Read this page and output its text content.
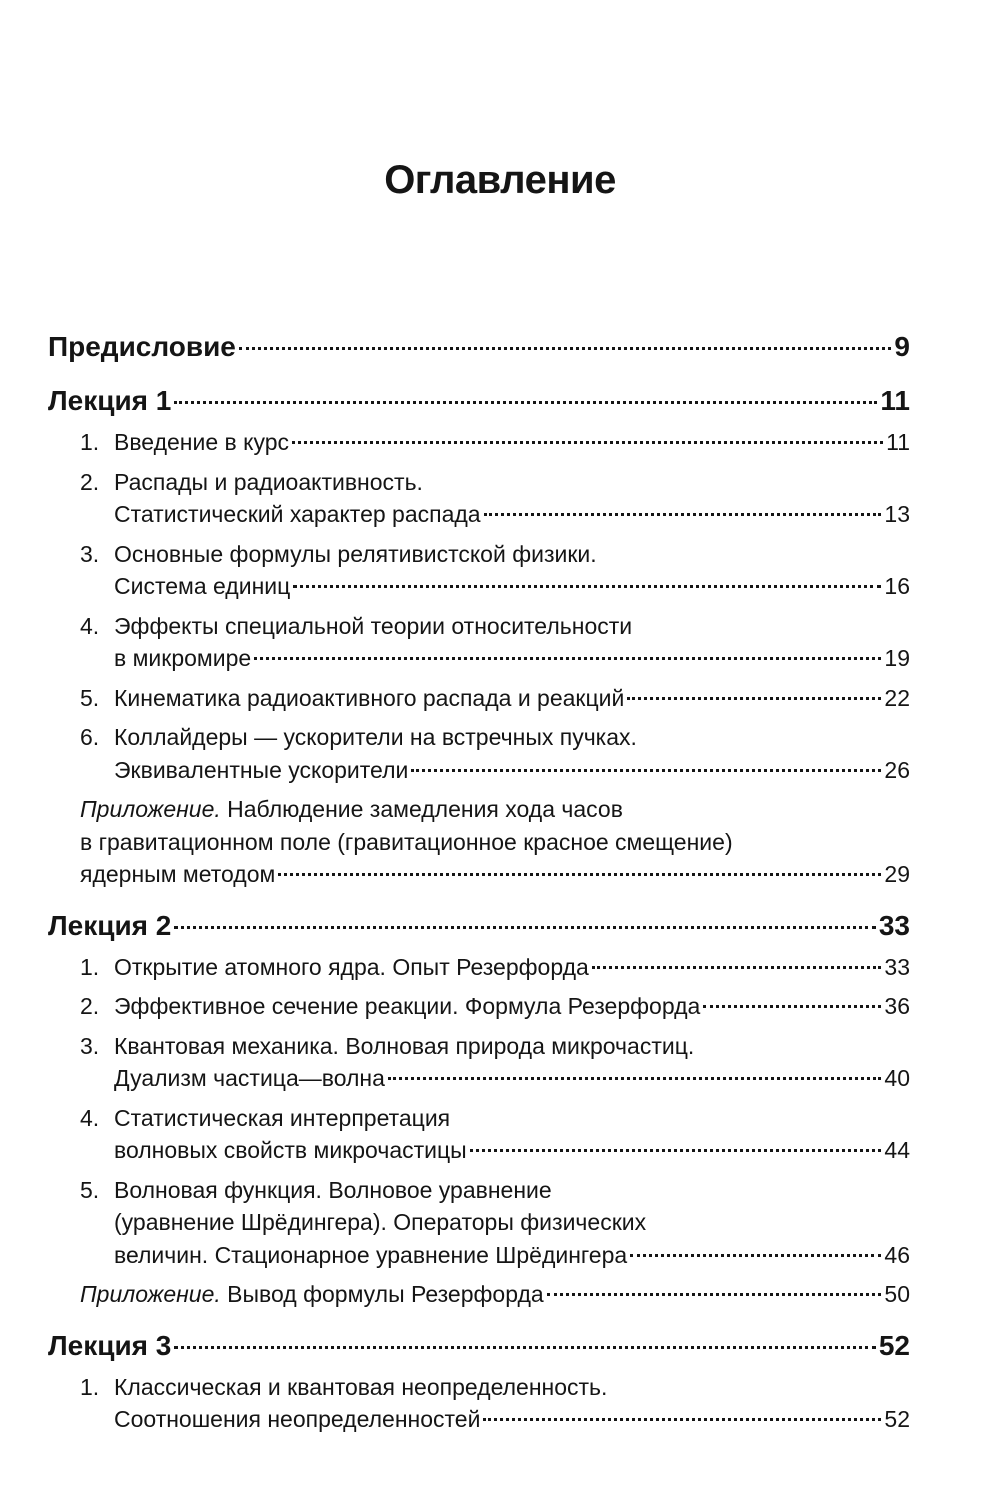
Оглавление
Предисловие	9
Лекция 1	11
1. Введение в курс	11
2. Распады и радиоактивность.
Статистический характер распада	13
3. Основные формулы релятивистской физики.
Система единиц	16
4. Эффекты специальной теории относительности
в микромире	19
5. Кинематика радиоактивного распада и реакций	22
6. Коллайдеры — ускорители на встречных пучках.
Эквивалентные ускорители	26
Приложение. Наблюдение замедления хода часов
в гравитационном поле (гравитационное красное смещение)
ядерным методом	29
Лекция 2	33
1. Открытие атомного ядра. Опыт Резерфорда	33
2. Эффективное сечение реакции. Формула Резерфорда	36
3. Квантовая механика. Волновая природа микрочастиц.
Дуализм частица—волна	40
4. Статистическая интерпретация
волновых свойств микрочастицы	44
5. Волновая функция. Волновое уравнение
(уравнение Шрёдингера). Операторы физических
величин. Стационарное уравнение Шрёдингера	46
Приложение. Вывод формулы Резерфорда	50
Лекция 3	52
1. Классическая и квантовая неопределенность.
Соотношения неопределенностей	52
